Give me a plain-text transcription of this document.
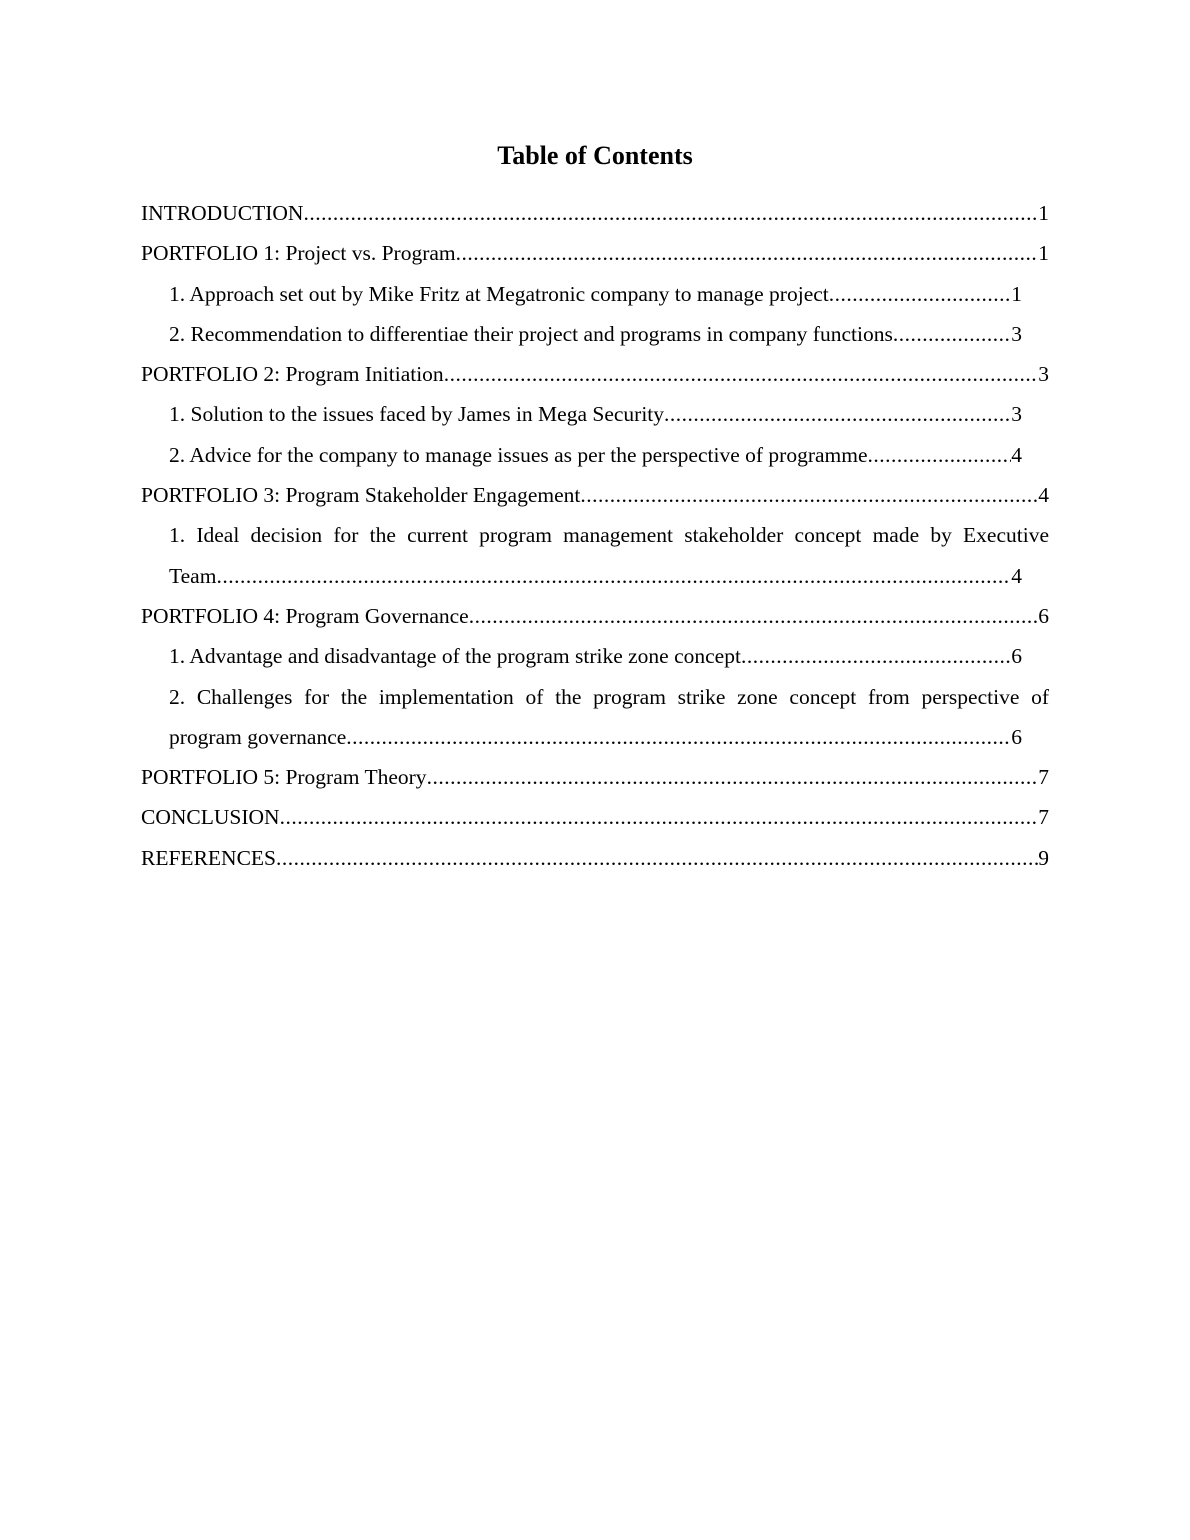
Table of Contents
INTRODUCTION .....	1
PORTFOLIO 1: Project vs. Program .....	1
1. Approach set out by Mike Fritz at Megatronic company to manage project .....	1
2. Recommendation to differentiae their project and programs in company functions .....	3
PORTFOLIO 2: Program Initiation .....	3
1. Solution to the issues faced by James in Mega Security .....	3
2. Advice for the company to manage issues as per the perspective of programme .....	4
PORTFOLIO 3: Program Stakeholder Engagement .....	4
1. Ideal decision for the current program management stakeholder concept made by Executive
Team .....	4
PORTFOLIO 4: Program Governance .....	6
1. Advantage and disadvantage of the program strike zone concept .....	6
2. Challenges for the implementation of the program strike zone concept from perspective of
program governance .....	6
PORTFOLIO 5: Program Theory .....	7
CONCLUSION .....	7
REFERENCES .....	9
